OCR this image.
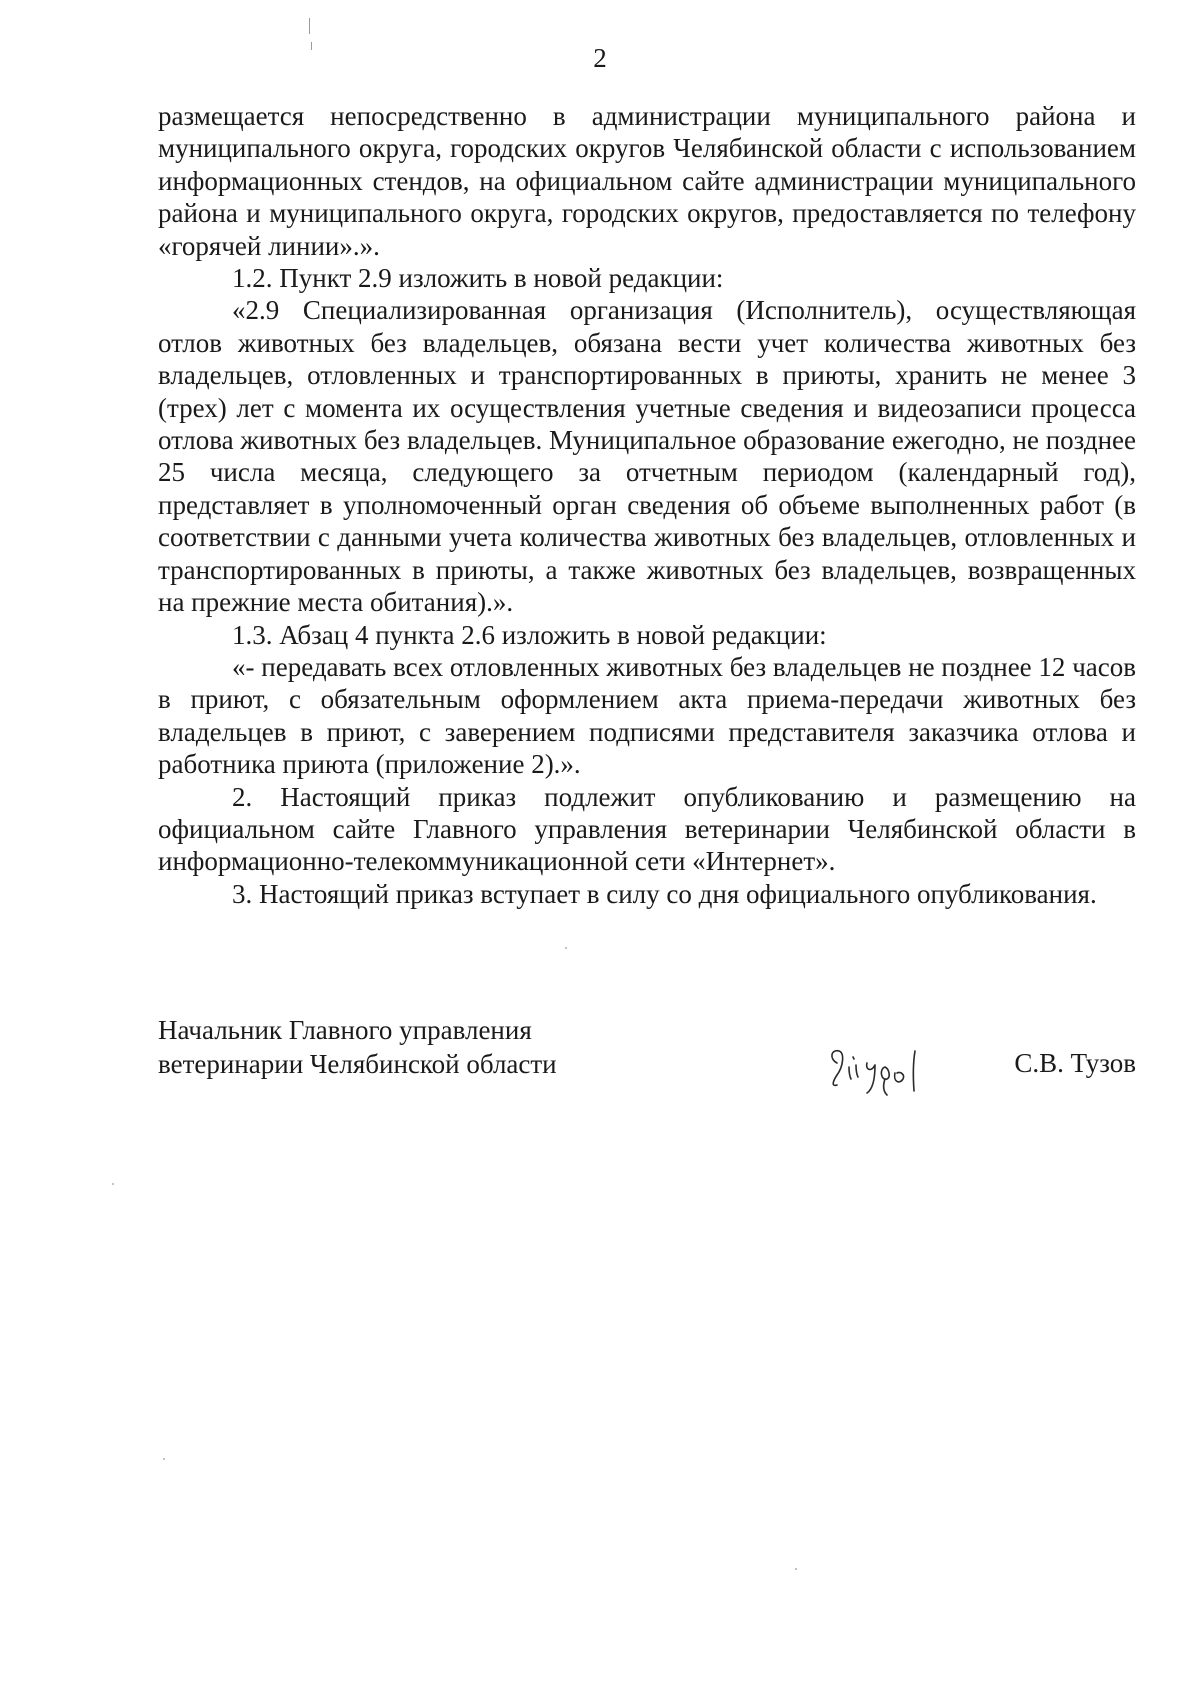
2

размещается непосредственно в администрации муниципального района и муниципального округа, городских округов Челябинской области с использованием информационных стендов, на официальном сайте администрации муниципального района и муниципального округа, городских округов, предоставляется по телефону «горячей линии».».

1.2. Пункт 2.9 изложить в новой редакции:

«2.9 Специализированная организация (Исполнитель), осуществляющая отлов животных без владельцев, обязана вести учет количества животных без владельцев, отловленных и транспортированных в приюты, хранить не менее 3 (трех) лет с момента их осуществления учетные сведения и видеозаписи процесса отлова животных без владельцев. Муниципальное образование ежегодно, не позднее 25 числа месяца, следующего за отчетным периодом (календарный год), представляет в уполномоченный орган сведения об объеме выполненных работ (в соответствии с данными учета количества животных без владельцев, отловленных и транспортированных в приюты, а также животных без владельцев, возвращенных на прежние места обитания).».

1.3. Абзац 4 пункта 2.6 изложить в новой редакции:

«- передавать всех отловленных животных без владельцев не позднее 12 часов в приют, с обязательным оформлением акта приема-передачи животных без владельцев в приют, с заверением подписями представителя заказчика отлова и работника приюта (приложение 2).».

2. Настоящий приказ подлежит опубликованию и размещению на официальном сайте Главного управления ветеринарии Челябинской области в информационно-телекоммуникационной сети «Интернет».

3. Настоящий приказ вступает в силу со дня официального опубликования.

Начальник Главного управления
ветеринарии Челябинской области	С.В. Тузов
